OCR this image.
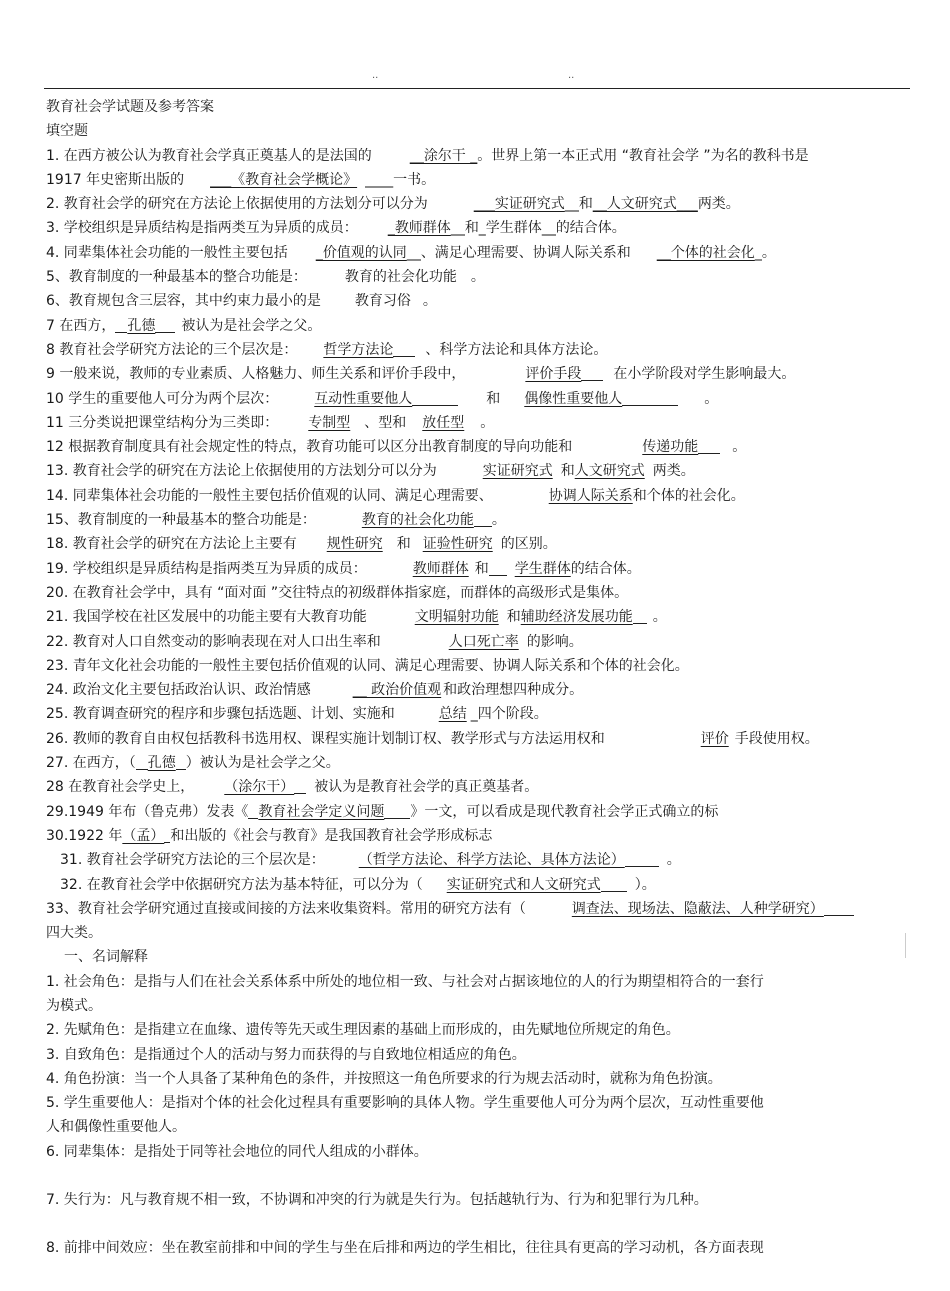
..	..
教育社会学试题及参考答案
填空题
1. 在西方被公认为教育社会学真正奠基人的是法国的	__涂尔干 _。世界上第一本正式用 “教育社会学 ”为名的教科书是
1917 年史密斯出版的 ___《教育社会学概论》 ____一书。
2. 教育社会学的研究在方法论上依据使用的方法划分可以分为	___实证研究式__和__人文研究式___两类。
3. 学校组织是异质结构是指两类互为异质的成员： _教师群体__和_学生群体__的结合体。
4. 同辈集体社会功能的一般性主要包括 _价值观的认同__、满足心理需要、协调人际关系和 __个体的社会化_。
5、教育制度的一种最基本的整合功能是：	教育的社会化功能 。
6、教育规包含三层容，其中约束力最小的是 教育习俗 。
7 在西方， 孔德 被认为是社会学之父。
8 教育社会学研究方法论的三个层次是： 哲学方法论 、科学方法论和具体方法论。
9 一般来说，教师的专业素质、人格魅力、师生关系和评价手段中，	评价手段 在小学阶段对学生影响最大。
10 学生的重要他人可分为两个层次：	互动性重要他人	和 偶像性重要他人	。
11 三分类说把课堂结构分为三类即： 专制型 、型和 放任型 。
12 根据教育制度具有社会规定性的特点，教育功能可以区分出教育制度的导向功能和	传递功能 。
13. 教育社会学的研究在方法论上依据使用的方法划分可以分为	实证研究式 和人文研究式 两类。
14. 同辈集体社会功能的一般性主要包括价值观的认同、满足心理需要、	协调人际关系和个体的社会化。
15、教育制度的一种最基本的整合功能是：	教育的社会化功能 。
18. 教育社会学的研究在方法论上主要有 规性研究 和 证验性研究 的区别。
19. 学校组织是异质结构是指两类互为异质的成员：	教师群体 和 学生群体的结合体。
20. 在教育社会学中，具有 “面对面 ”交往特点的初级群体指家庭，而群体的高级形式是集体。
21. 我国学校在社区发展中的功能主要有大教育功能	文明辐射功能 和辅助经济发展功能 。
22. 教育对人口自然变动的影响表现在对人口出生率和	人口死亡率 的影响。
23. 青年文化社会功能的一般性主要包括价值观的认同、满足心理需要、协调人际关系和个体的社会化。
24. 政治文化主要包括政治认识、政治情感	__ 政治价值观 和政治理想四种成分。
25. 教育调查研究的程序和步骤包括选题、计划、实施和	总结 _四个阶段。
26. 教师的教育自由权包括教科书选用权、课程实施计划制订权、教学形式与方法运用权和	评价 手段使用权。
27. 在西方，（ 孔德 ）被认为是社会学之父。
28 在教育社会学史上， （涂尔干） 被认为是教育社会学的真正奠基者。
29.1949 年布（鲁克弗）发表《 教育社会学定义问题 》一文，可以看成是现代教育社会学正式确立的标
30.1922 年（孟） 和出版的《社会与教育》是我国教育社会学形成标志
31. 教育社会学研究方法论的三个层次是： （哲学方法论、科学方法论、具体方法论）	。
32. 在教育社会学中依据研究方法为基本特征，可以分为（ 实证研究式和人文研究式 ）。
33、教育社会学研究通过直接或间接的方法来收集资料。常用的研究方法有（	调查法、现场法、隐蔽法、人种学研究）
四大类。
一、名词解释
1. 社会角色：是指与人们在社会关系体系中所处的地位相一致、与社会对占据该地位的人的行为期望相符合的一套行
为模式。
2. 先赋角色：是指建立在血缘、遗传等先天或生理因素的基础上而形成的，由先赋地位所规定的角色。
3. 自致角色：是指通过个人的活动与努力而获得的与自致地位相适应的角色。
4. 角色扮演：当一个人具备了某种角色的条件，并按照这一角色所要求的行为规去活动时，就称为角色扮演。
5. 学生重要他人：是指对个体的社会化过程具有重要影响的具体人物。学生重要他人可分为两个层次，互动性重要他
人和偶像性重要他人。
6. 同辈集体：是指处于同等社会地位的同代人组成的小群体。
7. 失行为：凡与教育规不相一致，不协调和冲突的行为就是失行为。包括越轨行为、行为和犯罪行为几种。
8. 前排中间效应：坐在教室前排和中间的学生与坐在后排和两边的学生相比，往往具有更高的学习动机，各方面表现
